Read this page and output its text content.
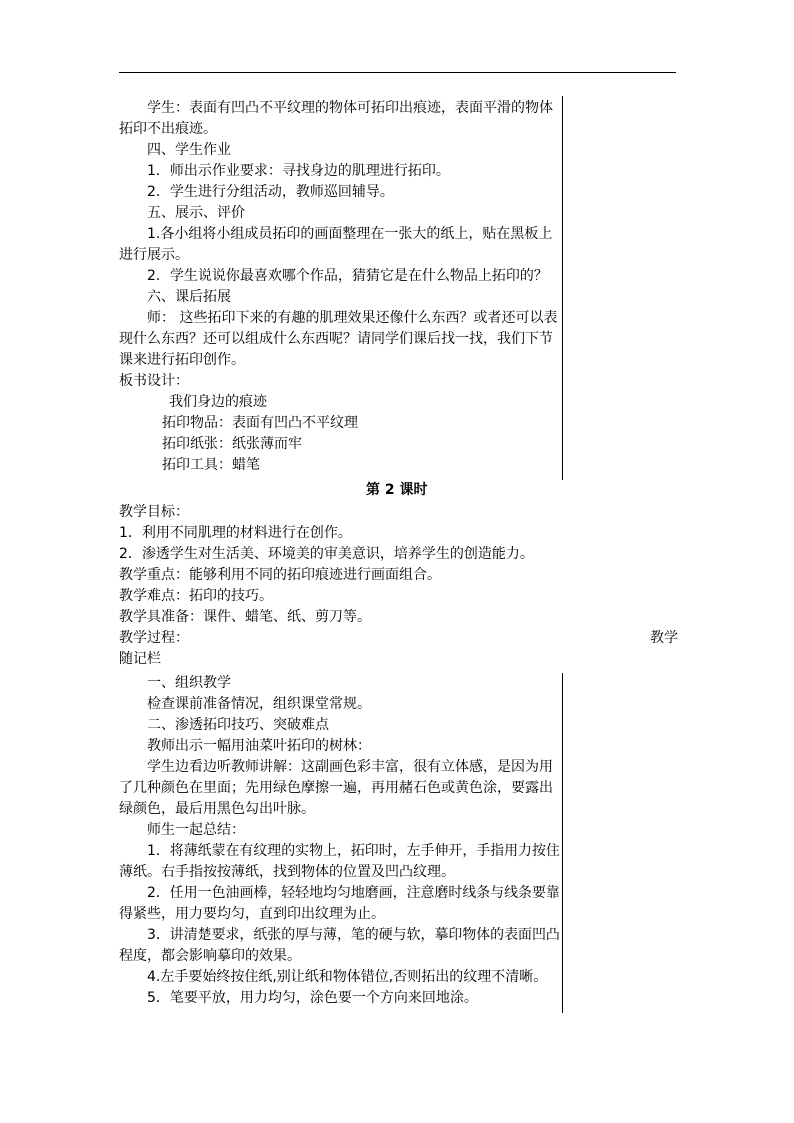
学生：表面有凹凸不平纹理的物体可拓印出痕迹，表面平滑的物体
拓印不出痕迹。
四、学生作业
1．师出示作业要求：寻找身边的肌理进行拓印。
2．学生进行分组活动，教师巡回辅导。
五、展示、评价
1.各小组将小组成员拓印的画面整理在一张大的纸上，贴在黑板上
进行展示。
2．学生说说你最喜欢哪个作品，猜猜它是在什么物品上拓印的？
六、课后拓展
师： 这些拓印下来的有趣的肌理效果还像什么东西？或者还可以表
现什么东西？还可以组成什么东西呢？请同学们课后找一找，我们下节
课来进行拓印创作。
板书设计：
我们身边的痕迹
拓印物品：表面有凹凸不平纹理
拓印纸张：纸张薄而牢
拓印工具：蜡笔
第 2 课时
教学目标：
1．利用不同肌理的材料进行在创作。
2．渗透学生对生活美、环境美的审美意识，培养学生的创造能力。
教学重点：能够利用不同的拓印痕迹进行画面组合。
教学难点：拓印的技巧。
教学具准备：课件、蜡笔、纸、剪刀等。
教学过程：	教学
随记栏
一、组织教学
检查课前准备情况，组织课堂常规。
二、渗透拓印技巧、突破难点
教师出示一幅用油菜叶拓印的树林：
学生边看边听教师讲解：这副画色彩丰富，很有立体感，是因为用
了几种颜色在里面；先用绿色摩擦一遍，再用赭石色或黄色涂，要露出
绿颜色，最后用黑色勾出叶脉。
师生一起总结：
1．将薄纸蒙在有纹理的实物上，拓印时，左手伸开，手指用力按住
薄纸。右手指按按薄纸，找到物体的位置及凹凸纹理。
2．任用一色油画棒，轻轻地均匀地磨画，注意磨时线条与线条要靠
得紧些，用力要均匀，直到印出纹理为止。
3．讲清楚要求，纸张的厚与薄，笔的硬与软，摹印物体的表面凹凸
程度，都会影响摹印的效果。
4.左手要始终按住纸,别让纸和物体错位,否则拓出的纹理不清晰。
5．笔要平放，用力均匀，涂色要一个方向来回地涂。
